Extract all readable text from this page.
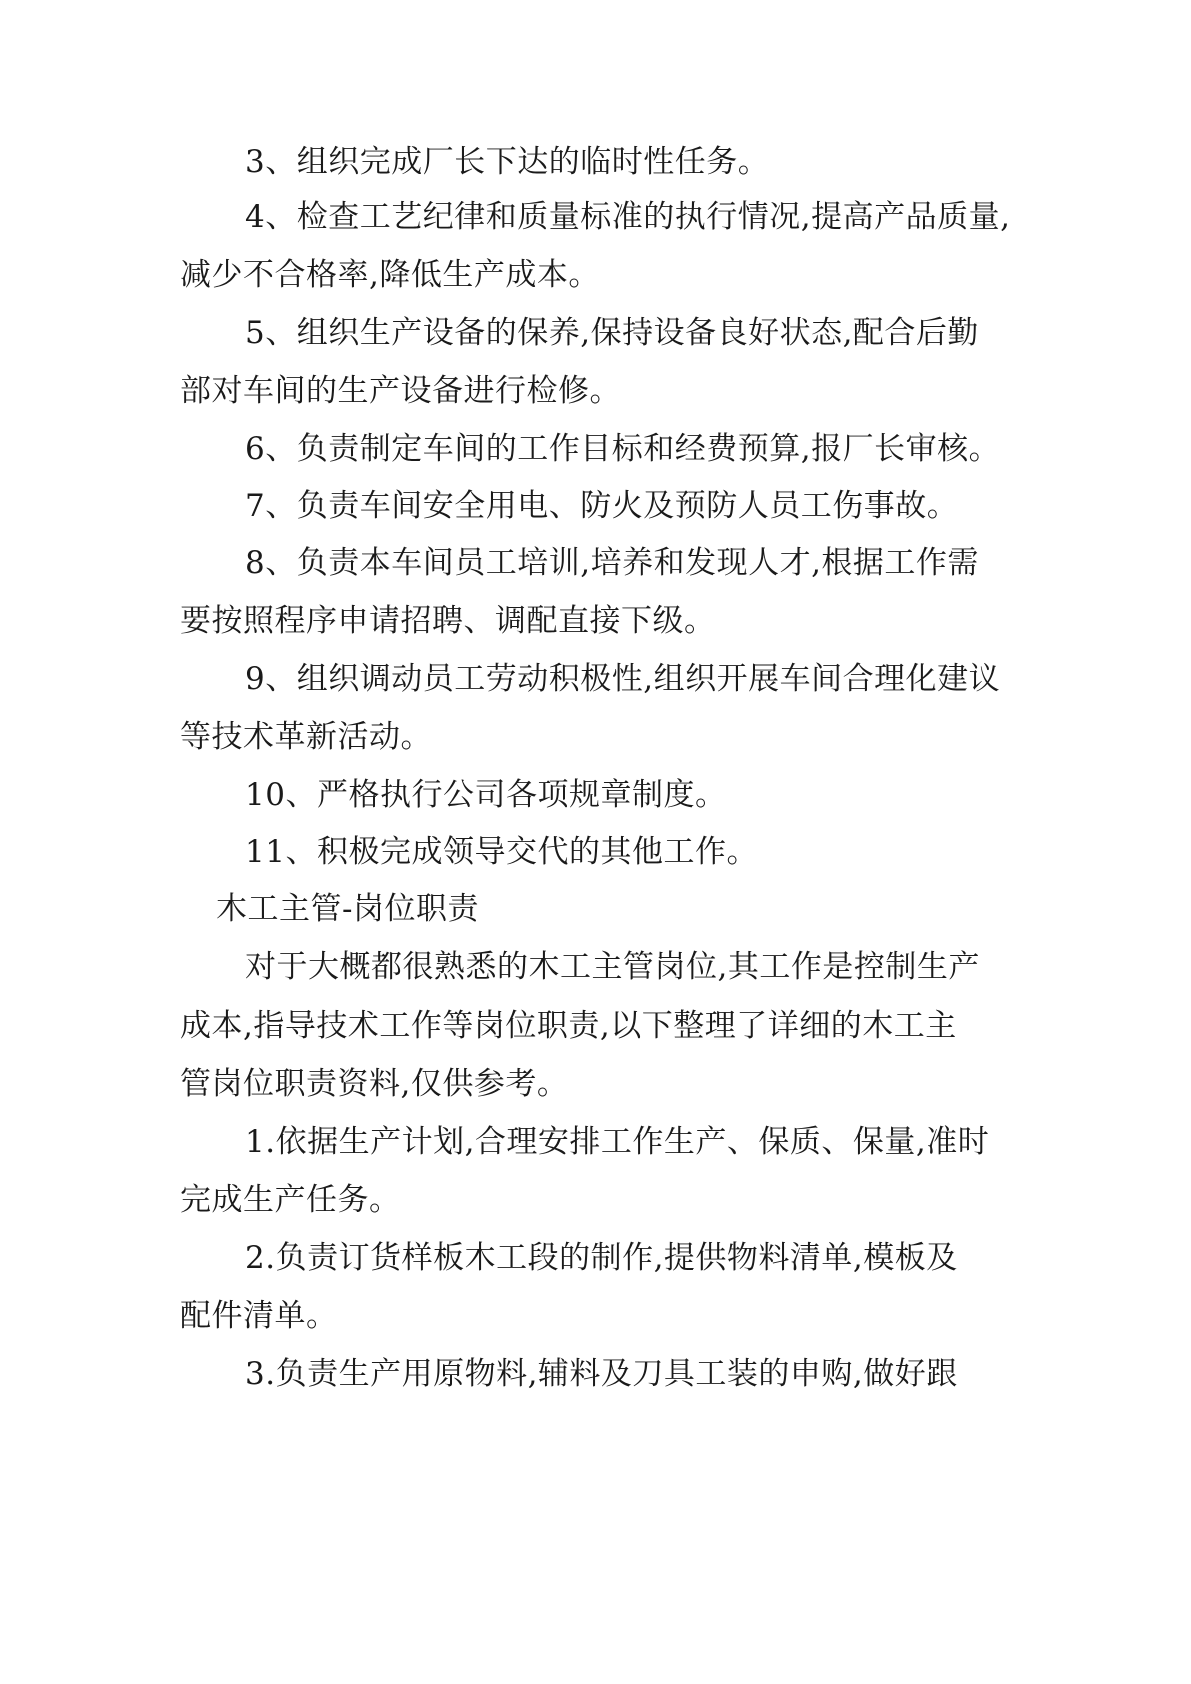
3、组织完成厂长下达的临时性任务。
4、检查工艺纪律和质量标准的执行情况,提高产品质量,
减少不合格率,降低生产成本。
5、组织生产设备的保养,保持设备良好状态,配合后勤
部对车间的生产设备进行检修。
6、负责制定车间的工作目标和经费预算,报厂长审核。
7、负责车间安全用电、防火及预防人员工伤事故。
8、负责本车间员工培训,培养和发现人才,根据工作需
要按照程序申请招聘、调配直接下级。
9、组织调动员工劳动积极性,组织开展车间合理化建议
等技术革新活动。
10、严格执行公司各项规章制度。
11、积极完成领导交代的其他工作。
木工主管-岗位职责
对于大概都很熟悉的木工主管岗位,其工作是控制生产
成本,指导技术工作等岗位职责,以下整理了详细的木工主
管岗位职责资料,仅供参考。
1.依据生产计划,合理安排工作生产、保质、保量,准时
完成生产任务。
2.负责订货样板木工段的制作,提供物料清单,模板及
配件清单。
3.负责生产用原物料,辅料及刀具工装的申购,做好跟
